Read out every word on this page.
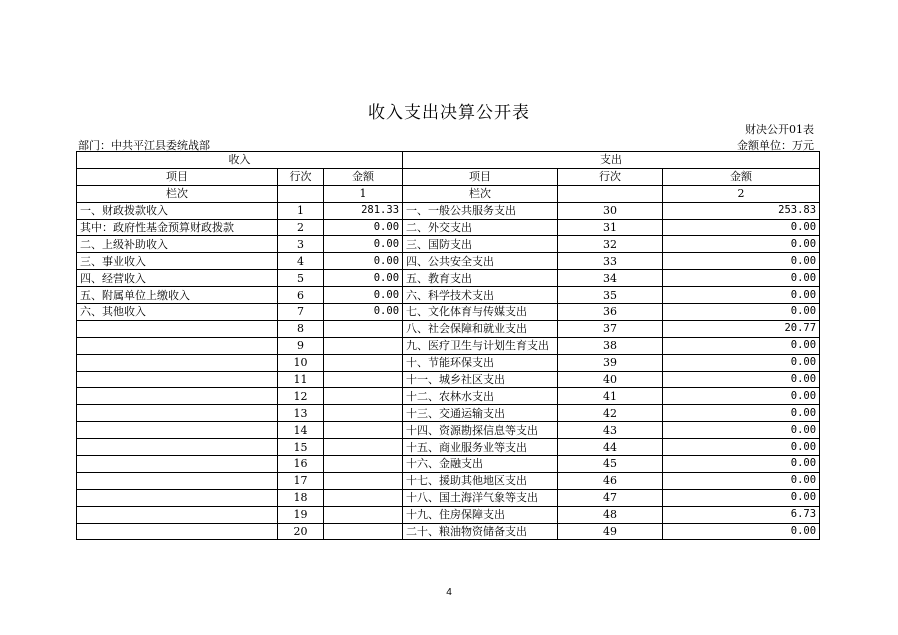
收入支出决算公开表
财决公开01表
部门：中共平江县委统战部	金额单位：万元
收入			支出		
项目	行次	金额	项目	行次	金额
栏次		1	栏次		2
一、财政拨款收入	1	281.33	一、一般公共服务支出	30	253.83
其中：政府性基金预算财政拨款	2	0.00	二、外交支出	31	0.00
二、上级补助收入	3	0.00	三、国防支出	32	0.00
三、事业收入	4	0.00	四、公共安全支出	33	0.00
四、经营收入	5	0.00	五、教育支出	34	0.00
五、附属单位上缴收入	6	0.00	六、科学技术支出	35	0.00
六、其他收入	7	0.00	七、文化体育与传媒支出	36	0.00
	8		八、社会保障和就业支出	37	20.77
	9		九、医疗卫生与计划生育支出	38	0.00
	10		十、节能环保支出	39	0.00
	11		十一、城乡社区支出	40	0.00
	12		十二、农林水支出	41	0.00
	13		十三、交通运输支出	42	0.00
	14		十四、资源勘探信息等支出	43	0.00
	15		十五、商业服务业等支出	44	0.00
	16		十六、金融支出	45	0.00
	17		十七、援助其他地区支出	46	0.00
	18		十八、国土海洋气象等支出	47	0.00
	19		十九、住房保障支出	48	6.73
	20		二十、粮油物资储备支出	49	0.00
4
